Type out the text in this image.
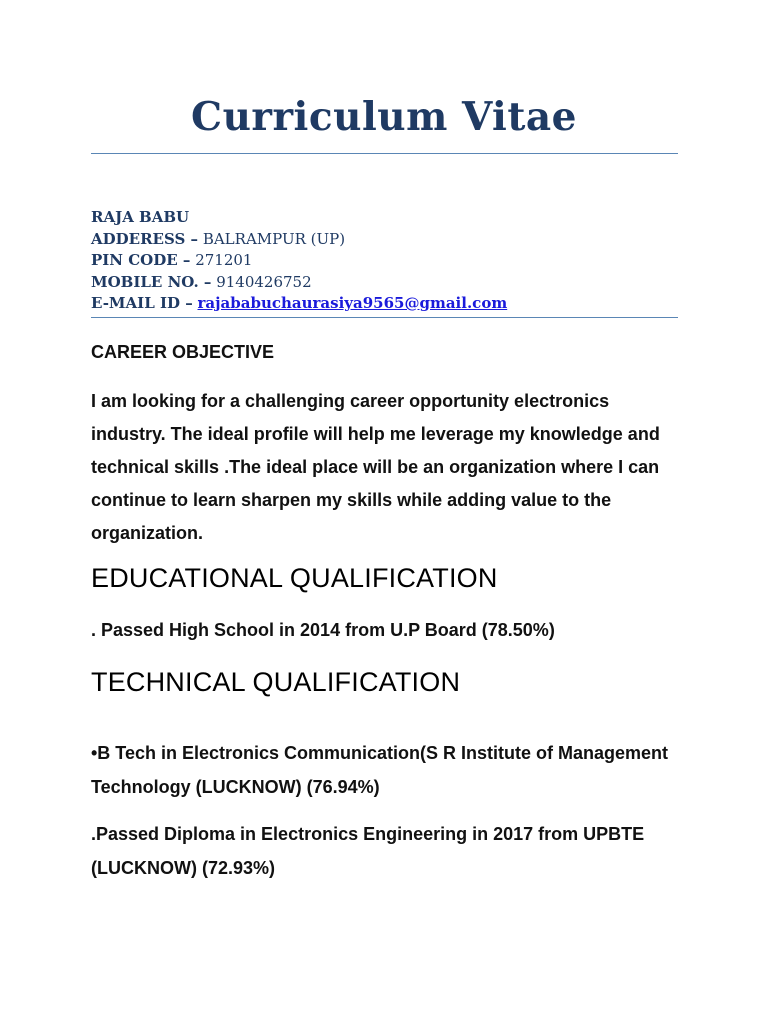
Curriculum Vitae
RAJA BABU
ADDERESS – BALRAMPUR (UP)
PIN CODE – 271201
MOBILE NO. – 9140426752
E-MAIL ID – rajababuchaurasiya9565@gmail.com
CAREER OBJECTIVE
I am looking for a challenging career opportunity electronics industry. The ideal profile will help me leverage my knowledge and technical skills .The ideal place will be an organization where I can continue to learn sharpen my skills while adding value to the organization.
EDUCATIONAL QUALIFICATION
. Passed High School in 2014 from U.P Board (78.50%)
TECHNICAL QUALIFICATION
•B Tech in Electronics Communication(S R Institute of Management Technology (LUCKNOW) (76.94%)
.Passed Diploma in Electronics Engineering in 2017 from UPBTE (LUCKNOW) (72.93%)
